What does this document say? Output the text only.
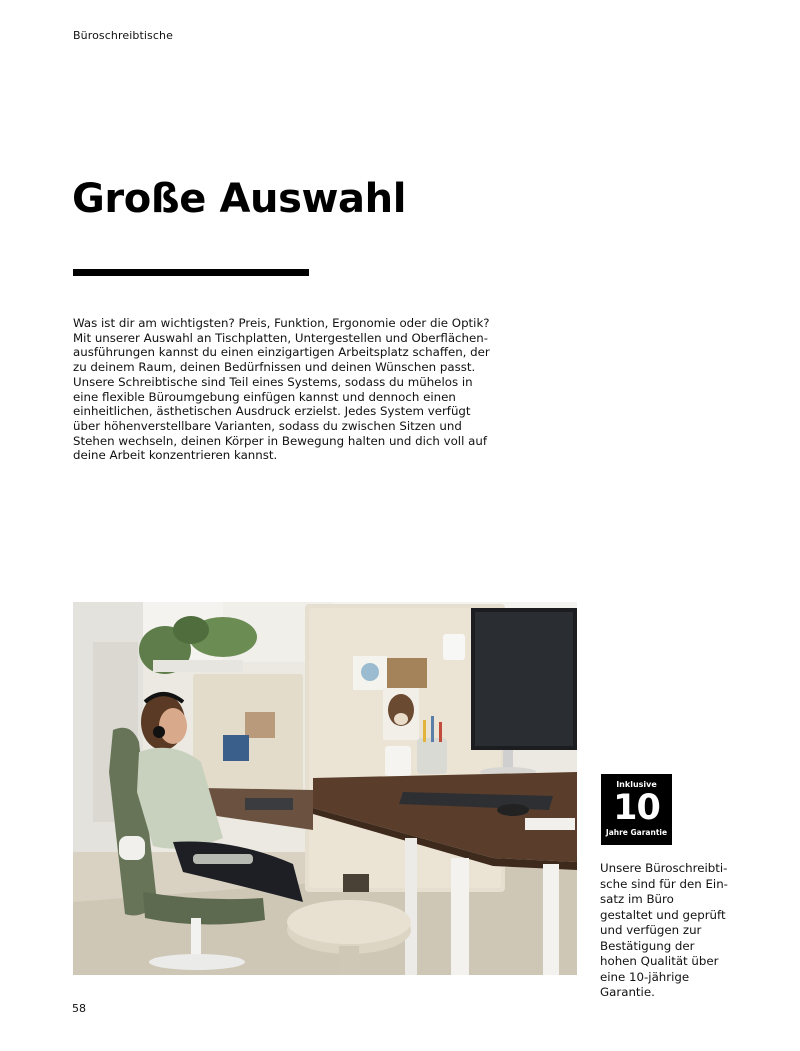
Büroschreibtische
Große Auswahl

Was ist dir am wichtigsten? Preis, Funktion, Ergonomie oder die Optik? Mit unserer Auswahl an Tischplatten, Untergestellen und Oberflächenausführungen kannst du einen einzigartigen Arbeitsplatz schaffen, der zu deinem Raum, deinen Bedürfnissen und deinen Wünschen passt. Unsere Schreibtische sind Teil eines Systems, sodass du mühelos in eine flexible Büroumgebung einfügen kannst und dennoch einen einheitlichen, ästhetischen Ausdruck erzielst. Jedes System verfügt über höhenverstellbare Varianten, sodass du zwischen Sitzen und Stehen wechseln, deinen Körper in Bewegung halten und dich voll auf deine Arbeit konzentrieren kannst.

Inklusive
10
Jahre Garantie

Unsere Büroschreibtische sind für den Einsatz im Büro gestaltet und geprüft und verfügen zur Bestätigung der hohen Qualität über eine 10-jährige Garantie.

58
